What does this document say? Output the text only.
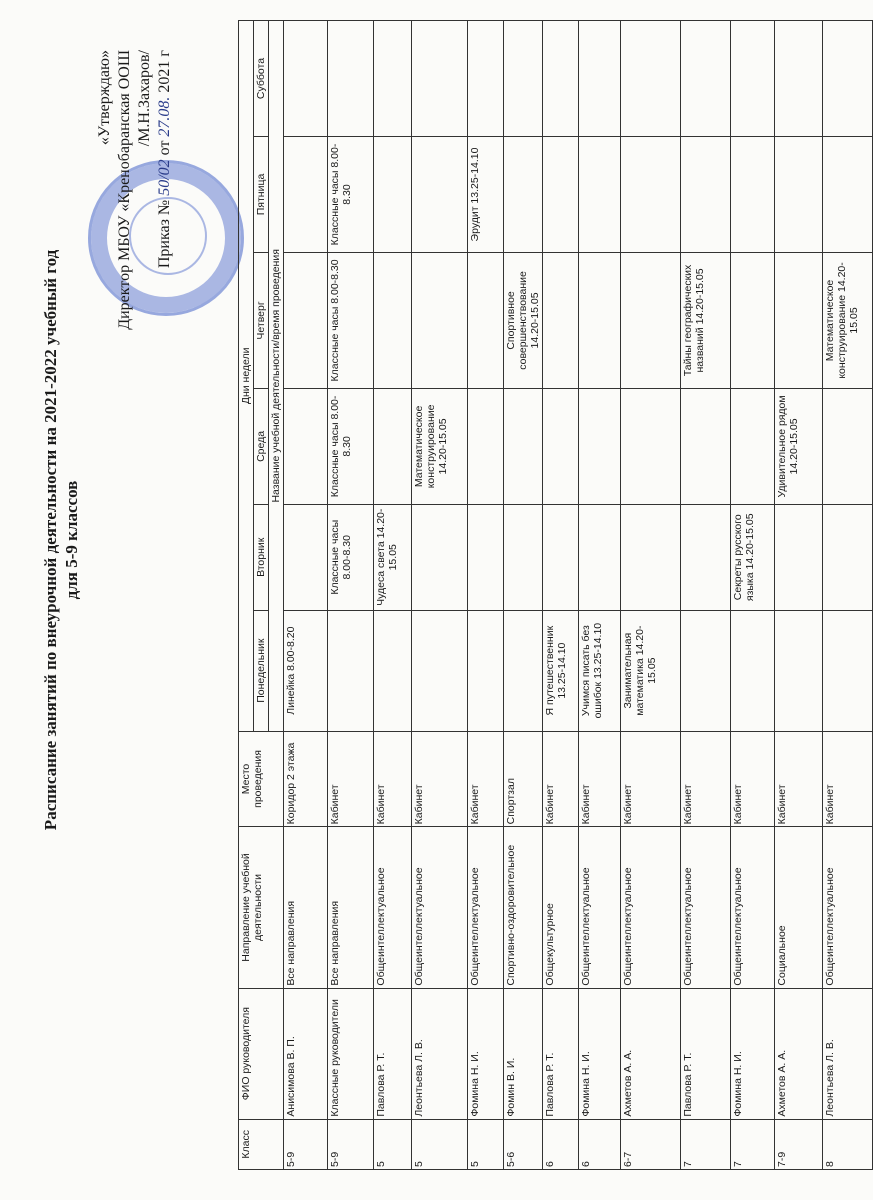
Расписание занятий по внеурочной деятельности на 2021-2022 учебный год для 5-9 классов
«Утверждаю» Директор МБОУ «Кренобаранская ООШ /М.Н.Захаров/
Приказ № 50/02 от 27.08. 2021 г
Класс	ФИО руководителя	Направление учебной деятельности	Место проведения	Дни недели					
				Понедельник	Вторник	Среда	Четверг	Пятница	Суббота
				Название учебной деятельности/время проведения					
5-9	Анисимова В. П.	Все направления	Коридор 2 этажа	Линейка 8.00-8.20					
5-9	Классные руководители	Все направления	Кабинет		Классные часы 8.00-8.30	Классные часы 8.00-8.30	Классные часы 8.00-8.30	Классные часы 8.00-8.30	
5	Павлова Р. Т.	Общеинтеллектуальное	Кабинет		Чудеса света 14.20-15.05				
5	Леонтьева Л. В.	Общеинтеллектуальное	Кабинет			Математическое конструирование 14.20-15.05			
5	Фомина Н. И.	Общеинтеллектуальное	Кабинет					Эрудит 13.25-14.10	
5-6	Фомин В. И.	Спортивно-оздоровительное	Спортзал				Спортивное совершенствование 14.20-15.05		
6	Павлова Р. Т.	Общекультурное	Кабинет	Я путешественник 13.25-14.10					
6	Фомина Н. И.	Общеинтеллектуальное	Кабинет	Учимся писать без ошибок 13.25-14.10					
6-7	Ахметов А. А.	Общеинтеллектуальное	Кабинет	Занимательная математика 14.20-15.05					
7	Павлова Р. Т.	Общеинтеллектуальное	Кабинет				Тайны географических названий 14.20-15.05		
7	Фомина Н. И.	Общеинтеллектуальное	Кабинет		Секреты русского языка 14.20-15.05				
7-9	Ахметов А. А.	Социальное	Кабинет			Удивительное рядом 14.20-15.05			
8	Леонтьева Л. В.	Общеинтеллектуальное	Кабинет				Математическое конструирование 14.20-15.05		
